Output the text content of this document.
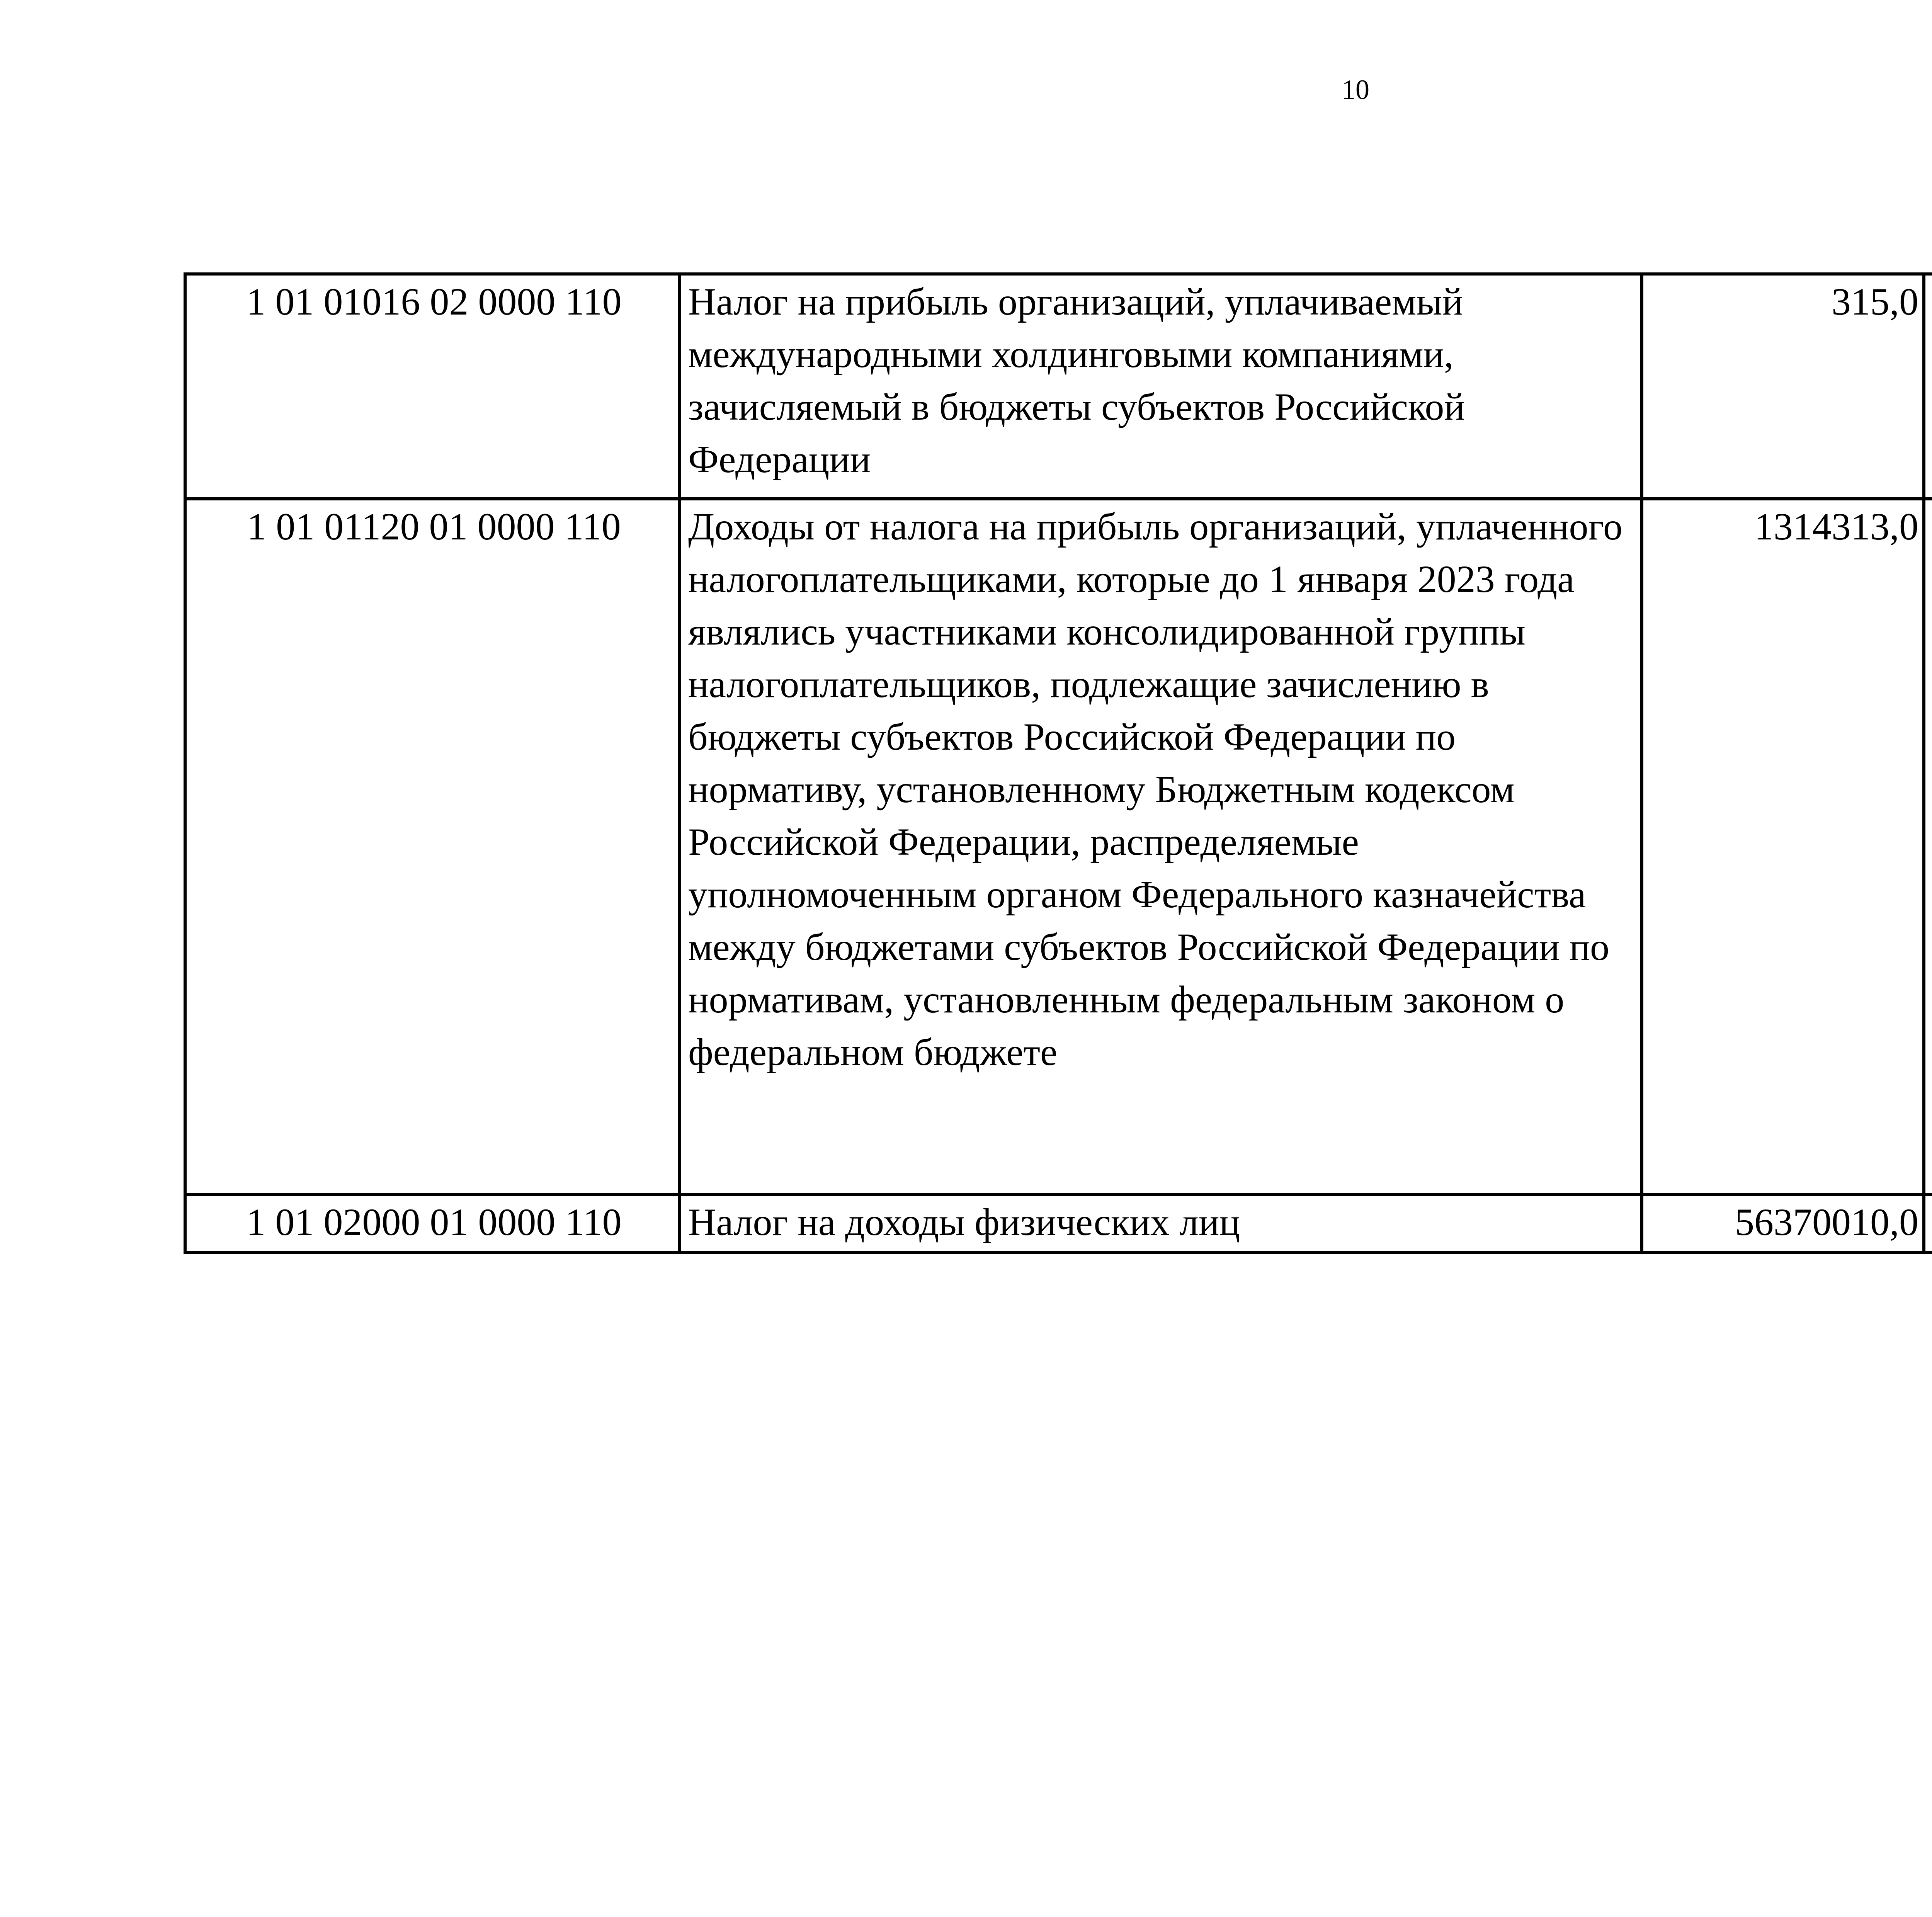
10
1 01 01016 02 0000 110	Налог на прибыль организаций, уплачиваемый международными холдинговыми компаниями, зачисляемый в бюджеты субъектов Российской Федерации	315,0		
1 01 01120 01 0000 110	Доходы от налога на прибыль организаций, уплаченного налогоплательщиками, которые до 1 января 2023 года являлись участниками консолидированной группы налогоплательщиков, подлежащие зачислению в бюджеты субъектов Российской Федерации по нормативу, установленному Бюджетным кодексом Российской Федерации, распределяемые уполномоченным органом Федерального казначейства между бюджетами субъектов Российской Федерации по нормативам, установленным федеральным законом о федеральном бюджете	1314313,0		
1 01 02000 01 0000 110	Налог на доходы физических лиц	56370010,0		
